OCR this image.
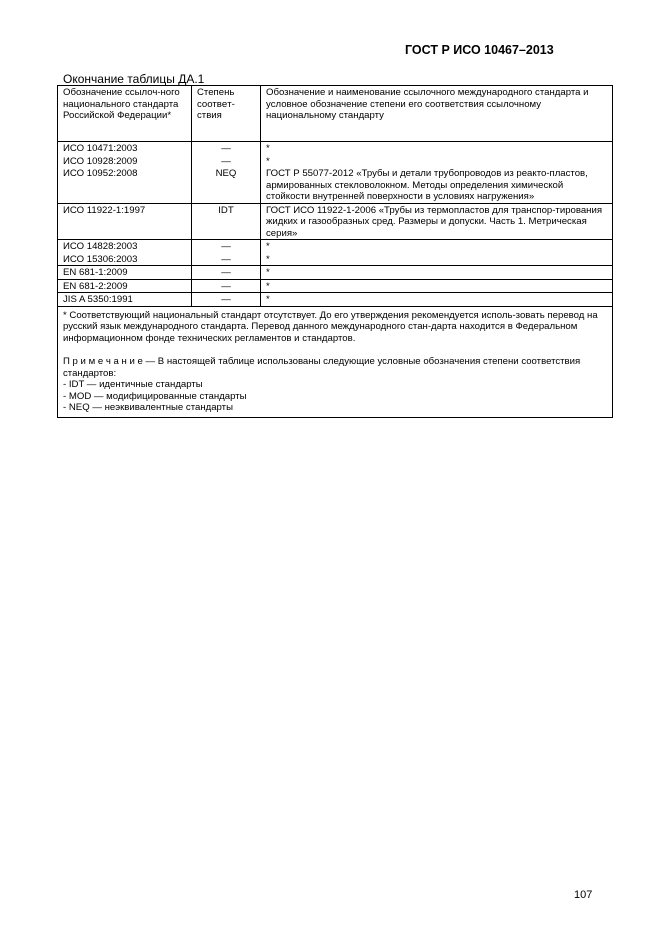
ГОСТ Р ИСО 10467–2013
Окончание таблицы ДА.1
Обозначение ссылоч-ного национального стандарта Российской Федерации*	Степень соотвeт-ствия	Обозначение и наименование ссылочного международного стандарта и условное обозначение степени его соответствия ссылочному национальному стандарту
ИСО 10471:2003	—	*
ИСО 10928:2009	—	*
ИСО 10952:2008	NEQ	ГОСТ Р 55077-2012 «Трубы и детали трубопроводов из реакто-пластов, армированных стекловолокном. Методы определения химической стойкости внутренней поверхности в условиях нагружения»
ИСО 11922-1:1997	IDT	ГОСТ ИСО 11922-1-2006 «Трубы из термопластов для транспор-тирования жидких и газообразных сред. Размеры и допуски. Часть 1. Метрическая серия»
ИСО 14828:2003	—	*
ИСО 15306:2003	—	*
EN 681-1:2009	—	*
EN 681-2:2009	—	*
JIS A 5350:1991	—	*

* Соответствующий национальный стандарт отсутствует. До его утверждения рекомендуется исполь-зовать перевод на русский язык международного стандарта. Перевод данного международного стан-дарта находится в Федеральном информационном фонде технических регламентов и стандартов.

П р и м е ч а н и е — В настоящей таблице использованы следующие условные обозначения степени соответствия стандартов:

- IDT — идентичные стандарты

- MOD — модифицированные стандарты

- NEQ — неэквивалентные стандарты		

107
